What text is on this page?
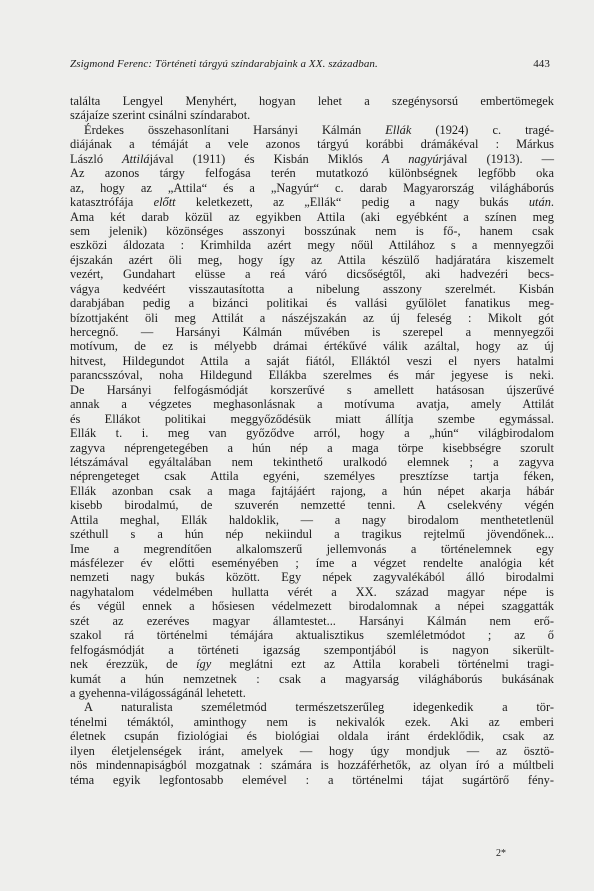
Zsigmond Ferenc: Történeti tárgyú színdarabjaink a XX. században.	443
találta Lengyel Menyhért, hogyan lehet a szegénysorsú embertömegek
szájaíze szerint csinálni színdarabot.
Érdekes összehasonlítani Harsányi Kálmán Ellák (1924) c. tragé-
diájának a témáját a vele azonos tárgyú korábbi drámákéval : Márkus
László Attilájával (1911) és Kisbán Miklós A nagyúrjával (1913). —
Az azonos tárgy felfogása terén mutatkozó különbségnek legfőbb oka
az, hogy az „Attila“ és a „Nagyúr“ c. darab Magyarország világháborús
katasztrófája előtt keletkezett, az „Ellák“ pedig a nagy bukás után.
Ama két darab közül az egyikben Attila (aki egyébként a színen meg
sem jelenik) közönséges asszonyi bosszúnak nem is fő-, hanem csak
eszközi áldozata : Krimhilda azért megy nőül Attilához s a mennyegzői
éjszakán azért öli meg, hogy így az Attila készülő hadjáratára kiszemelt
vezért, Gundahart elüsse a reá váró dicsőségtől, aki hadvezéri becs-
vágya kedvéért visszautasította a nibelung asszony szerelmét. Kisbán
darabjában pedig a bizánci politikai és vallási gyűlölet fanatikus meg-
bízottjaként öli meg Attilát a nászéjszakán az új feleség : Mikolt gót
hercegnő. — Harsányi Kálmán művében is szerepel a mennyegzői
motívum, de ez is mélyebb drámai értékűvé válik azáltal, hogy az új
hitvest, Hildegundot Attila a saját fiától, Elláktól veszi el nyers hatalmi
parancsszóval, noha Hildegund Ellákba szerelmes és már jegyese is neki.
De Harsányi felfogásmódját korszerűvé s amellett hatásosan újszerűvé
annak a végzetes meghasonlásnak a motívuma avatja, amely Attilát
és Ellákot politikai meggyőződésük miatt állítja szembe egymással.
Ellák t. i. meg van győződve arról, hogy a „hún“ világbirodalom
zagyva néprengetegében a hún nép a maga törpe kisebbségre szorult
létszámával egyáltalában nem tekinthető uralkodó elemnek ; a zagyva
néprengeteget csak Attila egyéni, személyes presztízse tartja féken,
Ellák azonban csak a maga fajtájáért rajong, a hún népet akarja hábár
kisebb birodalmú, de szuverén nemzetté tenni. A cselekvény végén
Attila meghal, Ellák haldoklik, — a nagy birodalom menthetetlenül
széthull s a hún nép nekiindul a tragikus rejtelmű jövendőnek...
Ime a megrendítően alkalomszerű jellemvonás a történelemnek egy
másfélezer év előtti eseményében ; íme a végzet rendelte analógia két
nemzeti nagy bukás között. Egy népek zagyvalékából álló birodalmi
nagyhatalom védelmében hullatta vérét a XX. század magyar népe is
és végül ennek a hősiesen védelmezett birodalomnak a népei szaggatták
szét az ezeréves magyar államtestet... Harsányi Kálmán nem erő-
szakol rá történelmi témájára aktualisztikus szemléletmódot ; az ő
felfogásmódját a történeti igazság szempontjából is nagyon sikerült-
nek érezzük, de így meglátni ezt az Attila korabeli történelmi tragi-
kumát a hún nemzetnek : csak a magyarság világháborús bukásának
a gyehenna-világosságánál lehetett.
A naturalista személetmód természetszerűleg idegenkedik a tör-
ténelmi témáktól, aminthogy nem is nekivalók ezek. Aki az emberi
életnek csupán fiziológiai és biológiai oldala iránt érdeklődik, csak az
ilyen életjelenségek iránt, amelyek — hogy úgy mondjuk — az ösztö-
nös mindennapiságból mozgatnak : számára is hozzáférhetők, az olyan író a múltbeli
téma egyik legfontosabb elemével : a történelmi tájat sugártörő fény-
2*
